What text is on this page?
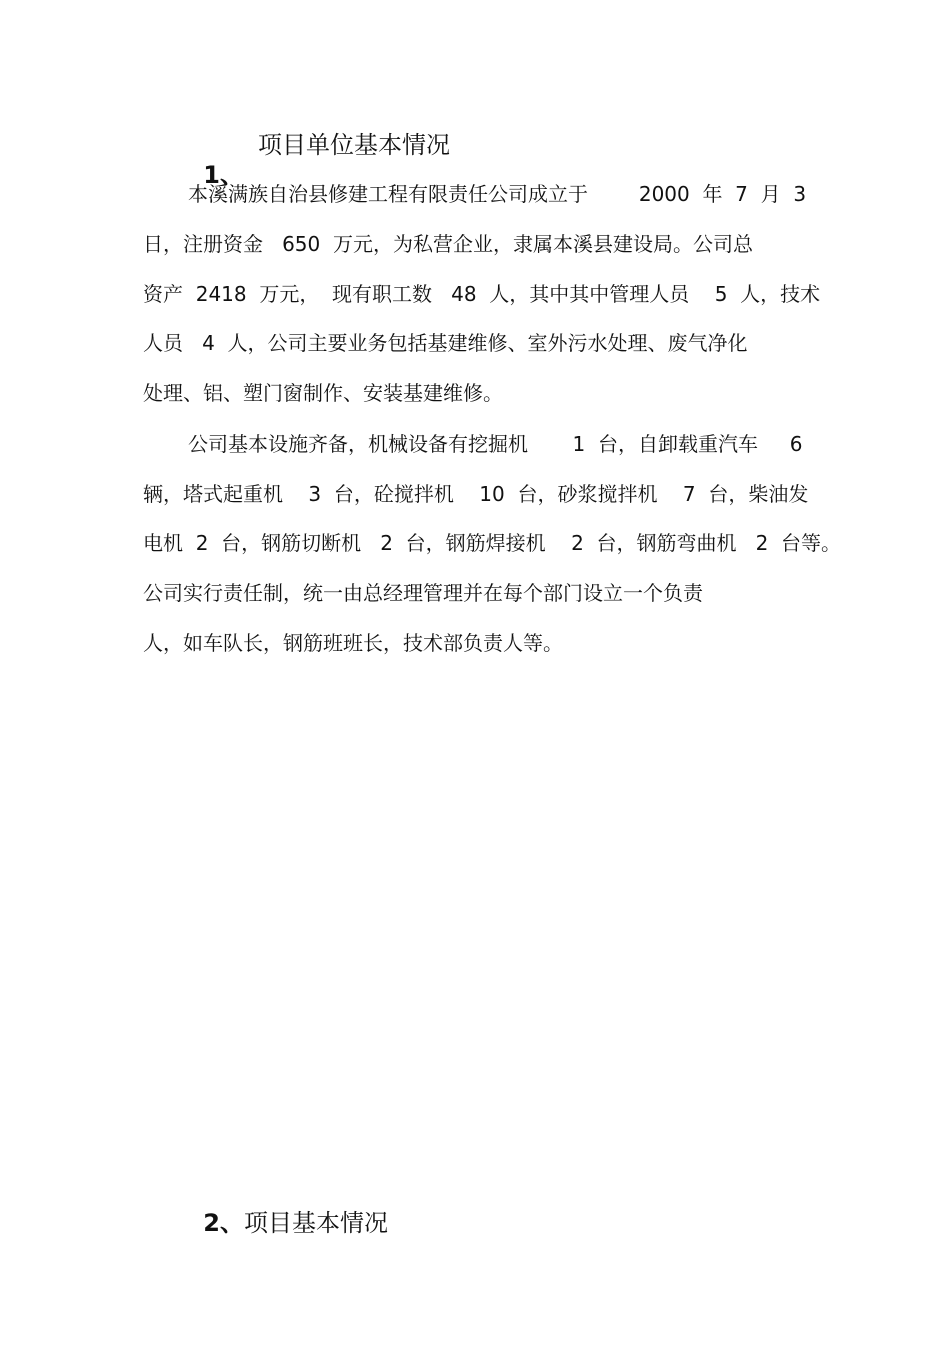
1、

项目单位基本情况
本溪满族自治县修建工程有限责任公司成立于        2000  年  7  月  3
日，注册资金   650  万元，为私营企业，隶属本溪县建设局。公司总
资产  2418  万元，  现有职工数   48  人，其中其中管理人员    5  人，技术
人员   4  人，公司主要业务包括基建维修、室外污水处理、废气净化
处理、铝、塑门窗制作、安装基建维修。
公司基本设施齐备，机械设备有挖掘机       1  台，自卸载重汽车     6
辆，塔式起重机    3  台，砼搅拌机    10  台，砂浆搅拌机    7  台，柴油发
电机  2  台，钢筋切断机   2  台，钢筋焊接机    2  台，钢筋弯曲机   2  台等。
公司实行责任制，统一由总经理管理并在每个部门设立一个负责
人，如车队长，钢筋班班长，技术部负责人等。

2、项目基本情况
